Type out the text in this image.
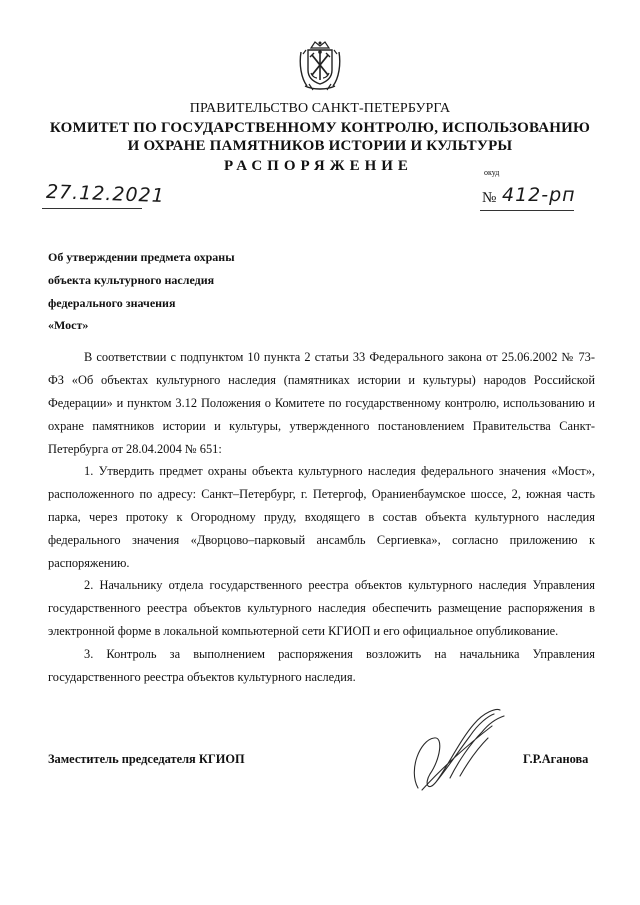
ПРАВИТЕЛЬСТВО САНКТ-ПЕТЕРБУРГА
КОМИТЕТ ПО ГОСУДАРСТВЕННОМУ КОНТРОЛЮ, ИСПОЛЬЗОВАНИЮ
И ОХРАНЕ ПАМЯТНИКОВ ИСТОРИИ И КУЛЬТУРЫ
РАСПОРЯЖЕНИЕ	окуд
27.12.2021	№ 412-рп
Об утверждении предмета охраны
объекта культурного наследия
федерального значения
«Мост»

В соответствии с подпунктом 10 пункта 2 статьи 33 Федерального закона от 25.06.2002 № 73-ФЗ «Об объектах культурного наследия (памятниках истории и культуры) народов Российской Федерации» и пунктом 3.12 Положения о Комитете по государственному контролю, использованию и охране памятников истории и культуры, утвержденного постановлением Правительства Санкт-Петербурга от 28.04.2004 № 651:

1. Утвердить предмет охраны объекта культурного наследия федерального значения «Мост», расположенного по адресу: Санкт–Петербург, г. Петергоф, Ораниенбаумское шоссе, 2, южная часть парка, через протоку к Огородному пруду, входящего в состав объекта культурного наследия федерального значения «Дворцово–парковый ансамбль Сергиевка», согласно приложению к распоряжению.

2. Начальнику отдела государственного реестра объектов культурного наследия Управления государственного реестра объектов культурного наследия обеспечить размещение распоряжения в электронной форме в локальной компьютерной сети КГИОП и его официальное опубликование.

3. Контроль за выполнением распоряжения возложить на начальника Управления государственного реестра объектов культурного наследия.

Заместитель председателя КГИОП	Г.Р.Аганова
